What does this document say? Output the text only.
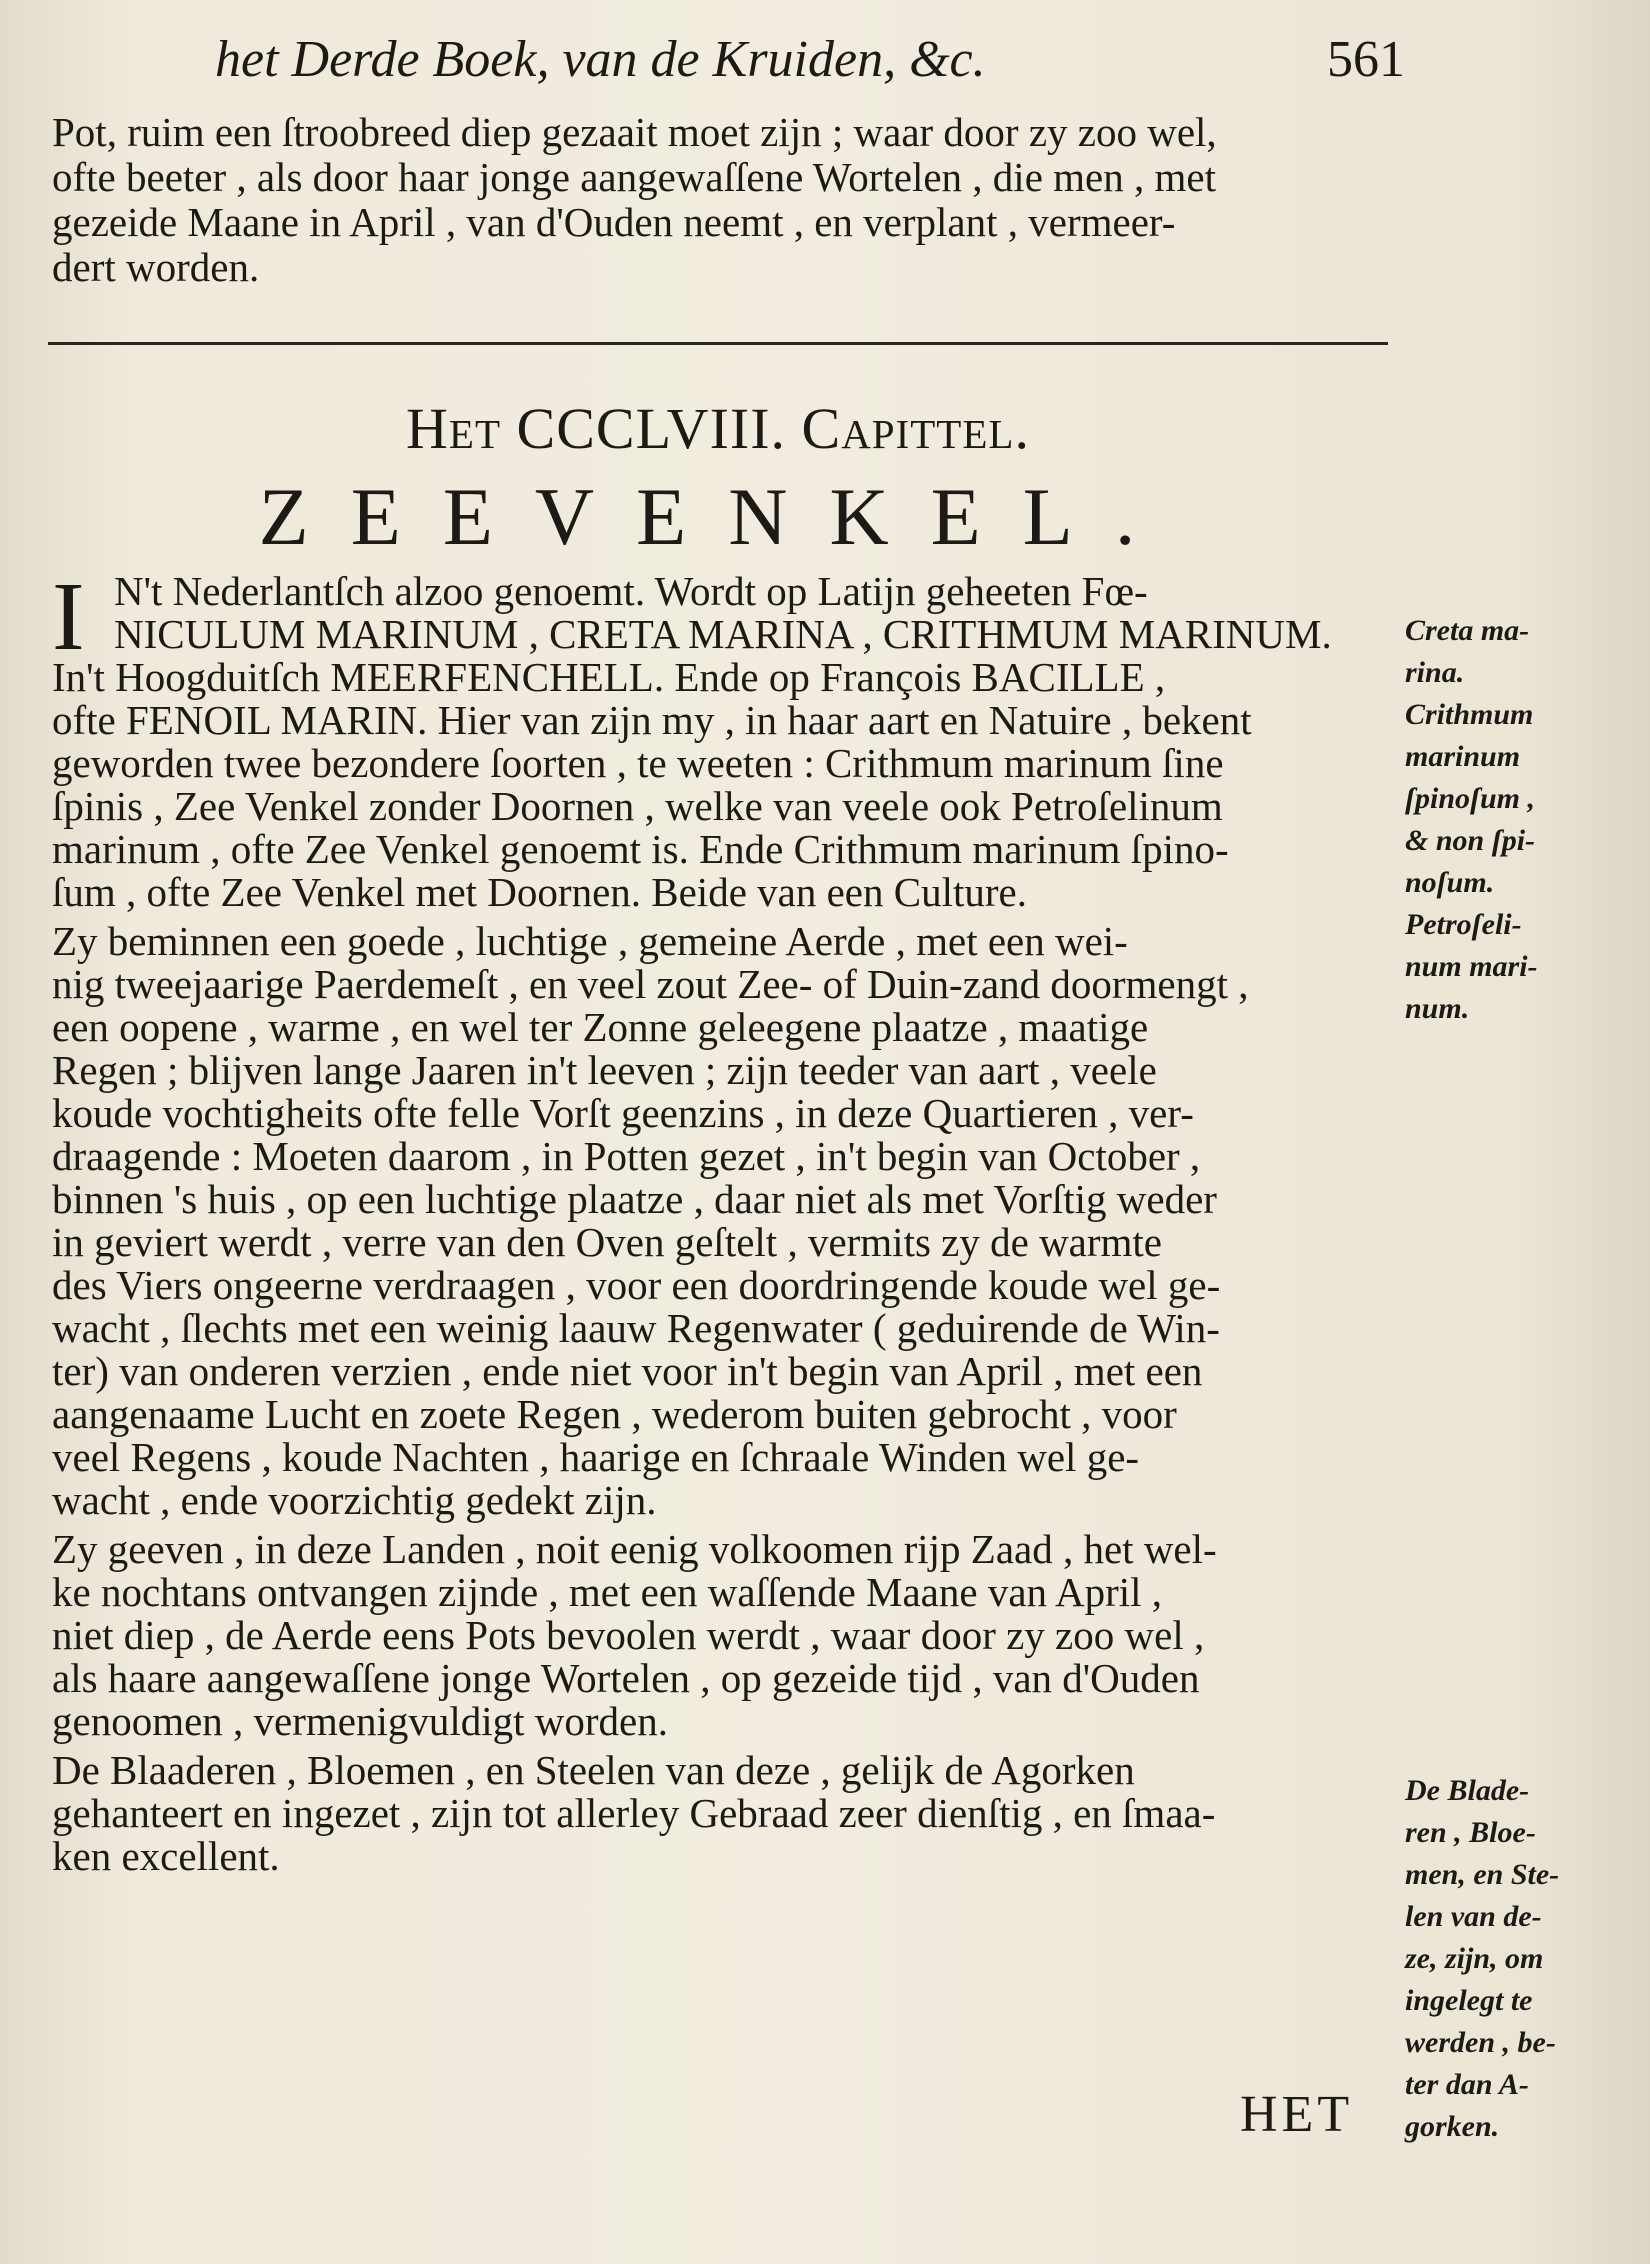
het Derde Boek, van de Kruiden, &c.	561
Pot, ruim een ſtroobreed diep gezaait moet zijn ; waar door zy zoo wel,
ofte beeter , als door haar jonge aangewaſſene Wortelen , die men , met
gezeide Maane in April , van d'Ouden neemt , en verplant , vermeer-
dert worden.
Het CCCLVIII. Capittel.
ZEEVENKEL.
I N't Nederlantſch alzoo genoemt. Wordt op Latijn geheeten Fœ-
NICULUM MARINUM , CRETA MARINA , CRITHMUM MARINUM.
In't Hoogduitſch MEERFENCHELL. Ende op François BACILLE ,
ofte FENOIL MARIN. Hier van zijn my , in haar aart en Natuire , bekent
geworden twee bezondere ſoorten , te weeten : Crithmum marinum ſine
ſpinis , Zee Venkel zonder Doornen , welke van veele ook Petroſelinum
marinum , ofte Zee Venkel genoemt is. Ende Crithmum marinum ſpino-
ſum , ofte Zee Venkel met Doornen. Beide van een Culture.
Zy beminnen een goede , luchtige , gemeine Aerde , met een wei-
nig tweejaarige Paerdemeſt , en veel zout Zee- of Duin-zand doormengt ,
een oopene , warme , en wel ter Zonne geleegene plaatze , maatige
Regen ; blijven lange Jaaren in't leeven ; zijn teeder van aart , veele
koude vochtigheits ofte felle Vorſt geenzins , in deze Quartieren , ver-
draagende : Moeten daarom , in Potten gezet , in't begin van October ,
binnen 's huis , op een luchtige plaatze , daar niet als met Vorſtig weder
in geviert werdt , verre van den Oven geſtelt , vermits zy de warmte
des Viers ongeerne verdraagen , voor een doordringende koude wel ge-
wacht , ſlechts met een weinig laauw Regenwater ( geduirende de Win-
ter) van onderen verzien , ende niet voor in't begin van April , met een
aangenaame Lucht en zoete Regen , wederom buiten gebrocht , voor
veel Regens , koude Nachten , haarige en ſchraale Winden wel ge-
wacht , ende voorzichtig gedekt zijn.
Zy geeven , in deze Landen , noit eenig volkoomen rijp Zaad , het wel-
ke nochtans ontvangen zijnde , met een waſſende Maane van April ,
niet diep , de Aerde eens Pots bevoolen werdt , waar door zy zoo wel ,
als haare aangewaſſene jonge Wortelen , op gezeide tijd , van d'Ouden
genoomen , vermenigvuldigt worden.
De Blaaderen , Bloemen , en Steelen van deze , gelijk de Agorken
gehanteert en ingezet , zijn tot allerley Gebraad zeer dienſtig , en ſmaa-
ken excellent.
Creta ma-
rina.
Crithmum
marinum
ſpinoſum ,
& non ſpi-
noſum.
Petroſeli-
num mari-
num.
De Blade-
ren , Bloe-
men, en Ste-
len van de-
ze, zijn, om
ingelegt te
werden , be-
ter dan A-
gorken.
HET
